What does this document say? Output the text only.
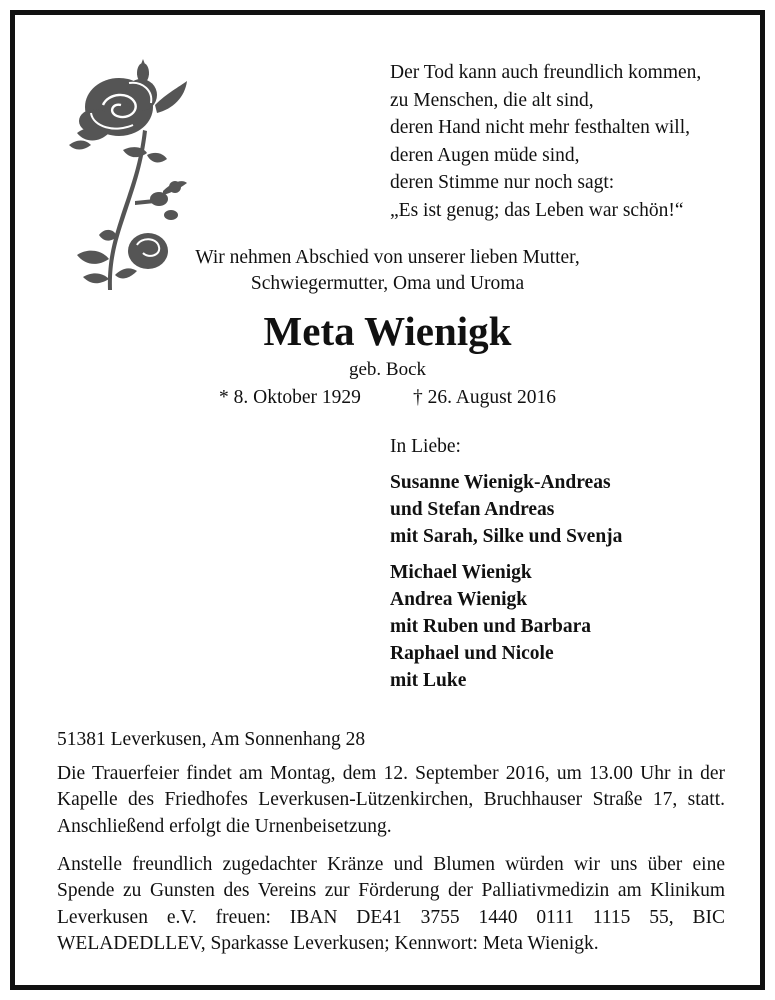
Der Tod kann auch freundlich kommen,
zu Menschen, die alt sind,
deren Hand nicht mehr festhalten will,
deren Augen müde sind,
deren Stimme nur noch sagt:
„Es ist genug; das Leben war schön!“
Wir nehmen Abschied von unserer lieben Mutter,
Schwiegermutter, Oma und Uroma
Meta Wienigk
geb. Bock
* 8. Oktober 1929	† 26. August 2016
In Liebe:
Susanne Wienigk-Andreas
und Stefan Andreas
mit Sarah, Silke und Svenja
Michael Wienigk
Andrea Wienigk
mit Ruben und Barbara
Raphael und Nicole
mit Luke
51381 Leverkusen, Am Sonnenhang 28
Die Trauerfeier findet am Montag, dem 12. September 2016, um 13.00 Uhr in der Kapelle des Friedhofes Leverkusen-Lützenkirchen, Bruchhauser Straße 17, statt. Anschließend erfolgt die Urnenbeisetzung.
Anstelle freundlich zugedachter Kränze und Blumen würden wir uns über eine Spende zu Gunsten des Vereins zur Förderung der Palliativmedizin am Klinikum Leverkusen e.V. freuen: IBAN DE41 3755 1440 0111 1115 55, BIC WELADEDLLEV, Sparkasse Leverkusen; Kennwort: Meta Wienigk.
